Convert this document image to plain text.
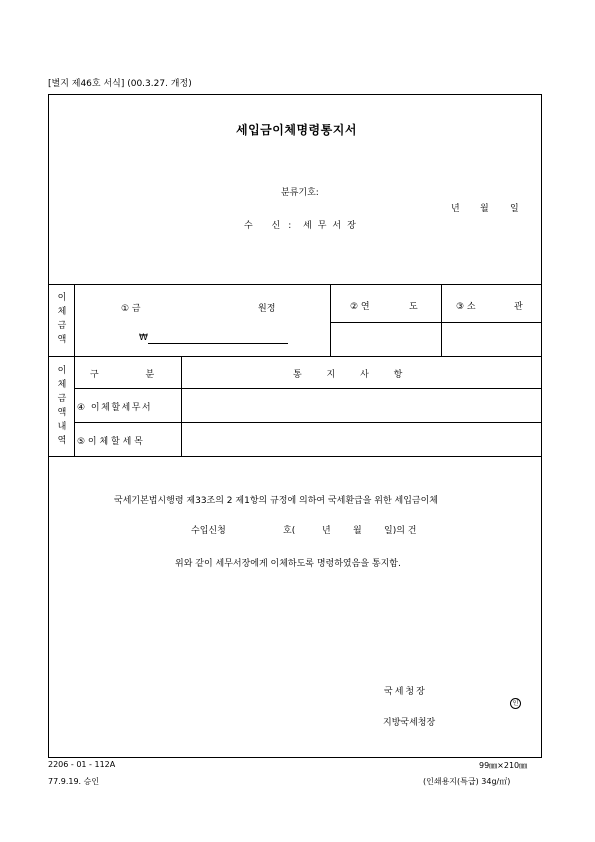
[별지 제46호 서식] (00.3.27. 개정)
세입금이체명령통지서
분류기호:
년 월 일
수 신: 세무서장
이
체
금
액
① 금	원정
₩
② 연	도	③ 소	관
이
체
금
액
내
역
구 분	통 지 사 항
④ 이체할세무서
⑤ 이 체 할 세 목
국세기본법시행령 제33조의 2 제1항의 규정에 의하여 국세환급을 위한 세입금이체
수입신청	호(	년 월 일)의 건
위와 같이 세무서장에게 이체하도록 명령하였음을 통지함.
국세청장
인
지방국세청장
2206 - 01 - 112A
77.9.19. 승인
99㎜×210㎜
(인쇄용지(특급) 34g/㎡)
